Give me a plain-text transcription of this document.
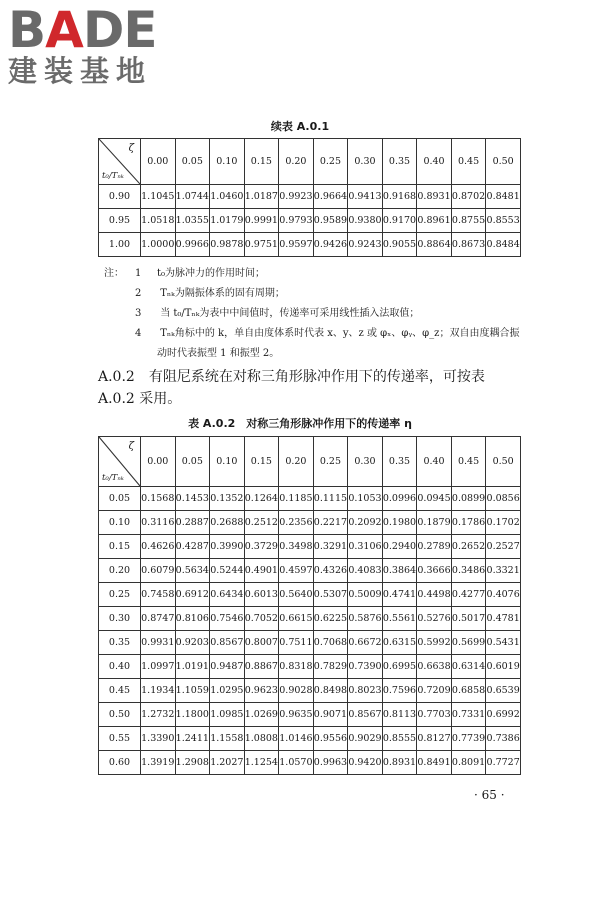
B A D E
建装基地
续表 A.0.1
ζ
t₀/Tₙₖ	0.00	0.05	0.10	0.15	0.20	0.25	0.30	0.35	0.40	0.45	0.50
0.90	1.1045	1.0744	1.0460	1.0187	0.9923	0.9664	0.9413	0.9168	0.8931	0.8702	0.8481
0.95	1.0518	1.0355	1.0179	0.9991	0.9793	0.9589	0.9380	0.9170	0.8961	0.8755	0.8553
1.00	1.0000	0.9966	0.9878	0.9751	0.9597	0.9426	0.9243	0.9055	0.8864	0.8673	0.8484
注：	1	t₀为脉冲力的作用时间；
2 Tₙₖ为隔振体系的固有周期；
3 当 t₀/Tₙₖ为表中中间值时，传递率可采用线性插入法取值；
4 Tₙₖ角标中的 k，单自由度体系时代表 x、y、z 或 φₓ、φᵧ、φ_z；双自由度耦合振
动时代表振型 1 和振型 2。
A.0.2　有阻尼系统在对称三角形脉冲作用下的传递率，可按表
A.0.2 采用。
表 A.0.2　对称三角形脉冲作用下的传递率 η
ζ
t₀/Tₙₖ	0.00	0.05	0.10	0.15	0.20	0.25	0.30	0.35	0.40	0.45	0.50
0.05	0.1568	0.1453	0.1352	0.1264	0.1185	0.1115	0.1053	0.0996	0.0945	0.0899	0.0856
0.10	0.3116	0.2887	0.2688	0.2512	0.2356	0.2217	0.2092	0.1980	0.1879	0.1786	0.1702
0.15	0.4626	0.4287	0.3990	0.3729	0.3498	0.3291	0.3106	0.2940	0.2789	0.2652	0.2527
0.20	0.6079	0.5634	0.5244	0.4901	0.4597	0.4326	0.4083	0.3864	0.3666	0.3486	0.3321
0.25	0.7458	0.6912	0.6434	0.6013	0.5640	0.5307	0.5009	0.4741	0.4498	0.4277	0.4076
0.30	0.8747	0.8106	0.7546	0.7052	0.6615	0.6225	0.5876	0.5561	0.5276	0.5017	0.4781
0.35	0.9931	0.9203	0.8567	0.8007	0.7511	0.7068	0.6672	0.6315	0.5992	0.5699	0.5431
0.40	1.0997	1.0191	0.9487	0.8867	0.8318	0.7829	0.7390	0.6995	0.6638	0.6314	0.6019
0.45	1.1934	1.1059	1.0295	0.9623	0.9028	0.8498	0.8023	0.7596	0.7209	0.6858	0.6539
0.50	1.2732	1.1800	1.0985	1.0269	0.9635	0.9071	0.8567	0.8113	0.7703	0.7331	0.6992
0.55	1.3390	1.2411	1.1558	1.0808	1.0146	0.9556	0.9029	0.8555	0.8127	0.7739	0.7386
0.60	1.3919	1.2908	1.2027	1.1254	1.0570	0.9963	0.9420	0.8931	0.8491	0.8091	0.7727
· 65 ·
